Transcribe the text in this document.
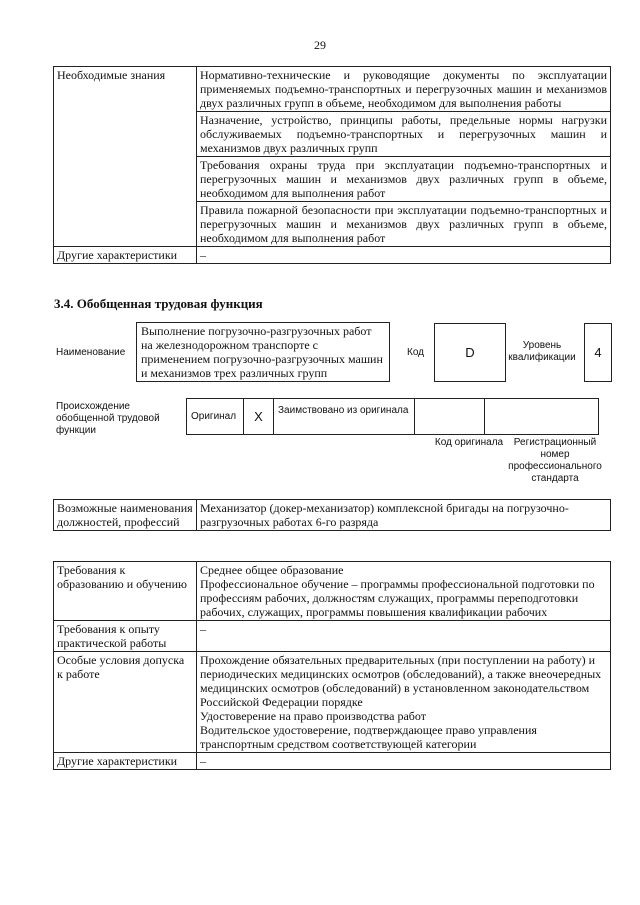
29
Необходимые знания	Нормативно-технические и руководящие документы по эксплуатации применяемых подъемно-транспортных и перегрузочных машин и механизмов двух различных групп в объеме, необходимом для выполнения работы
	Назначение, устройство, принципы работы, предельные нормы нагрузки обслуживаемых подъемно-транспортных и перегрузочных машин и механизмов двух различных групп
	Требования охраны труда при эксплуатации подъемно-транспортных и перегрузочных машин и механизмов двух различных групп в объеме, необходимом для выполнения работ
	Правила пожарной безопасности при эксплуатации подъемно-транспортных и перегрузочных машин и механизмов двух различных групп в объеме, необходимом для выполнения работ
Другие характеристики	–
3.4. Обобщенная трудовая функция
Наименование
Выполнение погрузочно-разгрузочных работ на железнодорожном транспорте с применением погрузочно-разгрузочных машин и механизмов трех различных групп
Код	D	Уровень квалификации	4
Происхождение обобщенной трудовой функции
Оригинал	X	Заимствовано из оригинала		
Код оригинала	Регистрационный номер профессионального стандарта
Возможные наименования должностей, профессий	Механизатор (докер-механизатор) комплексной бригады на погрузочно-разгрузочных работах 6-го разряда
Требования к образованию и обучению	Среднее общее образование

Профессиональное обучение – программы профессиональной подготовки по профессиям рабочих, должностям служащих, программы переподготовки рабочих, служащих, программы повышения квалификации рабочих

Требования к опыту практической работы	–
Особые условия допуска к работе	Прохождение обязательных предварительных (при поступлении на работу) и периодических медицинских осмотров (обследований), а также внеочередных медицинских осмотров (обследований) в установленном законодательством Российской Федерации порядке

Удостоверение на право производства работ

Водительское удостоверение, подтверждающее право управления транспортным средством соответствующей категории

Другие характеристики	–
